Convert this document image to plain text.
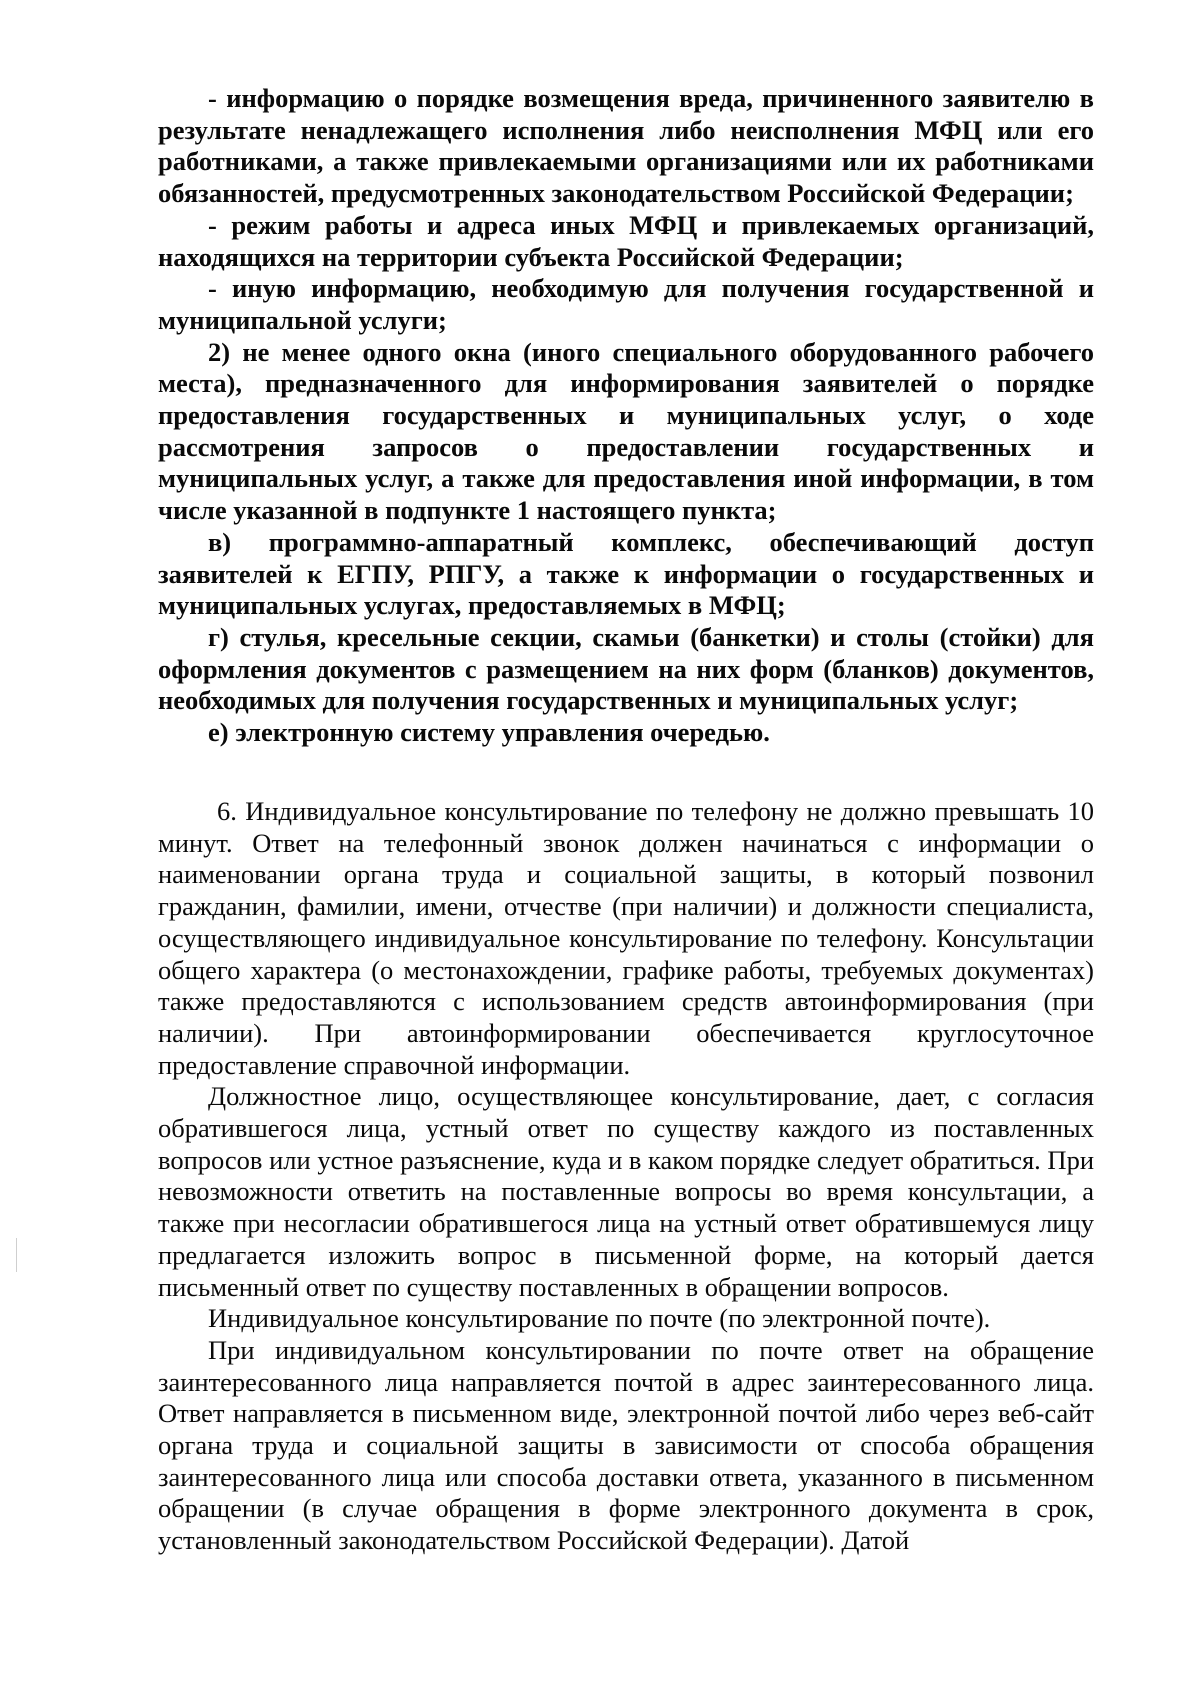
- информацию о порядке возмещения вреда, причиненного заявителю в результате ненадлежащего исполнения либо неисполнения МФЦ или его работниками, а также привлекаемыми организациями или их работниками обязанностей, предусмотренных законодательством Российской Федерации;

- режим работы и адреса иных МФЦ и привлекаемых организаций, находящихся на территории субъекта Российской Федерации;

- иную информацию, необходимую для получения государственной и муниципальной услуги;

2) не менее одного окна (иного специального оборудованного рабочего места), предназначенного для информирования заявителей о порядке предоставления государственных и муниципальных услуг, о ходе рассмотрения запросов о предоставлении государственных и муниципальных услуг, а также для предоставления иной информации, в том числе указанной в подпункте 1 настоящего пункта;

в) программно-аппаратный комплекс, обеспечивающий доступ заявителей к ЕГПУ, РПГУ, а также к информации о государственных и муниципальных услугах, предоставляемых в МФЦ;

г) стулья, кресельные секции, скамьи (банкетки) и столы (стойки) для оформления документов с размещением на них форм (бланков) документов, необходимых для получения государственных и муниципальных услуг;

е) электронную систему управления очередью.

6. Индивидуальное консультирование по телефону не должно превышать 10 минут. Ответ на телефонный звонок должен начинаться с информации о наименовании органа труда и социальной защиты, в который позвонил гражданин, фамилии, имени, отчестве (при наличии) и должности специалиста, осуществляющего индивидуальное консультирование по телефону. Консультации общего характера (о местонахождении, графике работы, требуемых документах) также предоставляются с использованием средств автоинформирования (при наличии). При автоинформировании обеспечивается круглосуточное предоставление справочной информации.

Должностное лицо, осуществляющее консультирование, дает, с согласия обратившегося лица, устный ответ по существу каждого из поставленных вопросов или устное разъяснение, куда и в каком порядке следует обратиться. При невозможности ответить на поставленные вопросы во время консультации, а также при несогласии обратившегося лица на устный ответ обратившемуся лицу предлагается изложить вопрос в письменной форме, на который дается письменный ответ по существу поставленных в обращении вопросов.

Индивидуальное консультирование по почте (по электронной почте).

При индивидуальном консультировании по почте ответ на обращение заинтересованного лица направляется почтой в адрес заинтересованного лица. Ответ направляется в письменном виде, электронной почтой либо через веб-сайт органа труда и социальной защиты в зависимости от способа обращения заинтересованного лица или способа доставки ответа, указанного в письменном обращении (в случае обращения в форме электронного документа в срок, установленный законодательством Российской Федерации). Датой
